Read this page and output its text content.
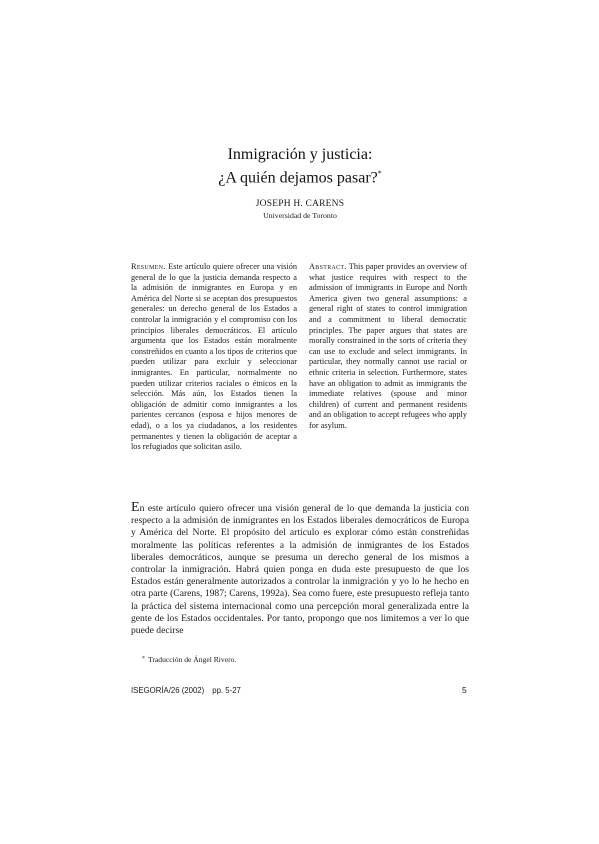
Inmigración y justicia:
¿A quién dejamos pasar?*
JOSEPH H. CARENS
Universidad de Toronto
Resumen. Este artículo quiere ofrecer una visión general de lo que la justicia demanda respecto a la admisión de inmigrantes en Europa y en América del Norte si se aceptan dos presupuestos generales: un derecho general de los Estados a controlar la inmigración y el compromiso con los principios liberales democráticos. El artículo argumenta que los Estados están moralmente constreñidos en cuanto a los tipos de criterios que pueden utilizar para excluir y seleccionar inmigrantes. En particular, normalmente no pueden utilizar criterios raciales o étnicos en la selección. Más aún, los Estados tienen la obligación de admitir como inmigrantes a los parientes cercanos (esposa e hijos menores de edad), o a los ya ciudadanos, a los residentes permanentes y tienen la obligación de aceptar a los refugiados que solicitan asilo.
Abstract. This paper provides an overview of what justice requires with respect to the admission of immigrants in Europe and North America given two general assumptions: a general right of states to control immigration and a commitment to liberal democratic principles. The paper argues that states are morally constrained in the sorts of criteria they can use to exclude and select immigrants. In particular, they normally cannot use racial or ethnic criteria in selection. Furthermore, states have an obligation to admit as immigrants the immediate relatives (spouse and minor children) of current and permanent residents and an obligation to accept refugees who apply for asylum.
En este artículo quiero ofrecer una visión general de lo que demanda la justicia con respecto a la admisión de inmigrantes en los Estados liberales democráticos de Europa y América del Norte. El propósito del artículo es explorar cómo están constreñidas moralmente las políticas referentes a la admisión de inmigrantes de los Estados liberales democráticos, aunque se presuma un derecho general de los mismos a controlar la inmigración. Habrá quien ponga en duda este presupuesto de que los Estados están generalmente autorizados a controlar la inmigración y yo lo he hecho en otra parte (Carens, 1987; Carens, 1992a). Sea como fuere, este presupuesto refleja tanto la práctica del sistema internacional como una percepción moral generalizada entre la gente de los Estados occidentales. Por tanto, propongo que nos limitemos a ver lo que puede decirse
* Traducción de Ángel Rivero.
ISEGORÍA/26 (2002) pp. 5-27	5
